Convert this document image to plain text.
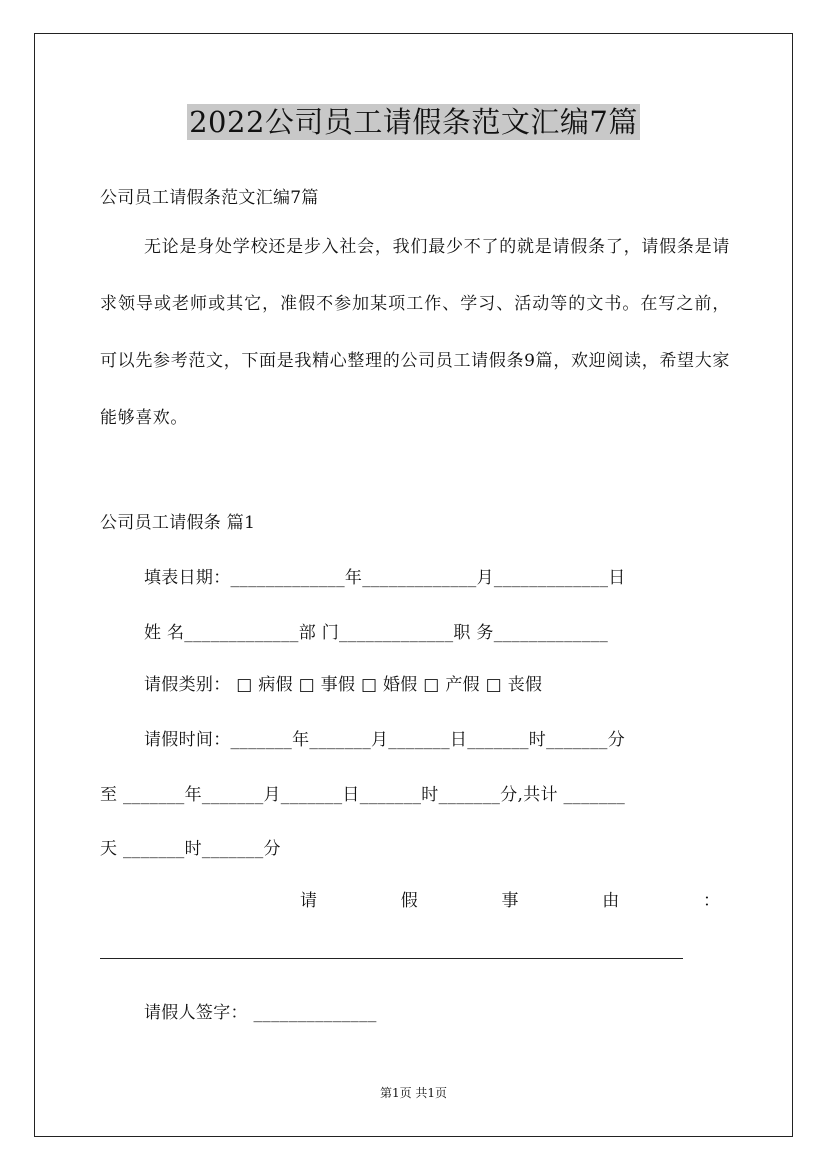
2022公司员工请假条范文汇编7篇
公司员工请假条范文汇编7篇
无论是身处学校还是步入社会，我们最少不了的就是请假条了，请假条是请求领导或老师或其它，准假不参加某项工作、学习、活动等的文书。在写之前，可以先参考范文，下面是我精心整理的公司员工请假条9篇，欢迎阅读，希望大家能够喜欢。
公司员工请假条 篇1
填表日期：_____________年_____________月_____________日
姓 名_____________部 门_____________职 务_____________
请假类别： □ 病假 □ 事假 □ 婚假 □ 产假 □ 丧假
请假时间：_______年_______月_______日_______时_______分
至 _______年_______月_______日_______时_______分,共计 _______
天 _______时_______分
请	假	事	由	：
请假人签字： ______________
第1页 共1页
